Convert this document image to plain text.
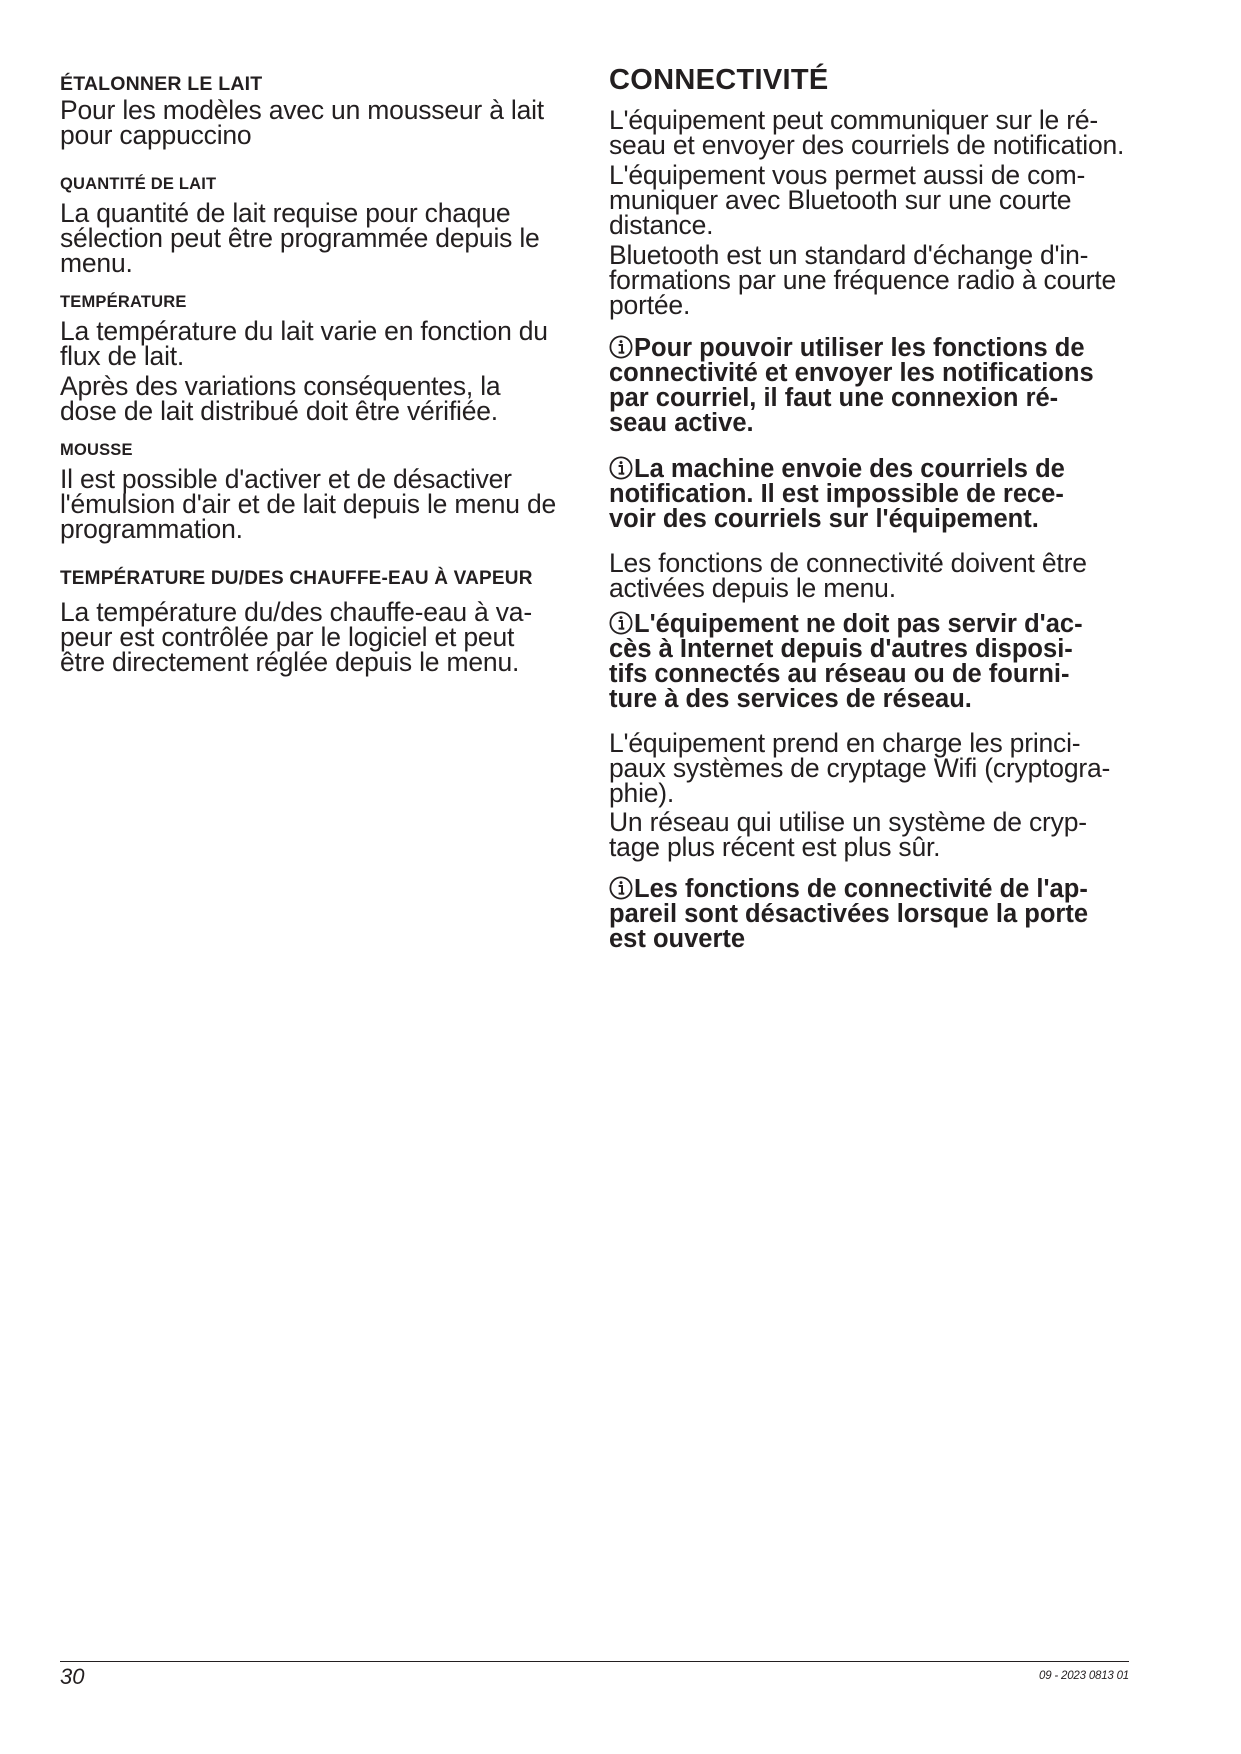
ÉTALONNER LE LAIT

Pour les modèles avec un mousseur à lait
pour cappuccino

QUANTITÉ DE LAIT

La quantité de lait requise pour chaque
sélection peut être programmée depuis le
menu.

TEMPÉRATURE

La température du lait varie en fonction du
flux de lait.

Après des variations conséquentes, la
dose de lait distribué doit être vérifiée.

MOUSSE

Il est possible d'activer et de désactiver
l'émulsion d'air et de lait depuis le menu de
programmation.

TEMPÉRATURE DU/DES CHAUFFE-EAU À VAPEUR

La température du/des chauffe-eau à va-
peur est contrôlée par le logiciel et peut
être directement réglée depuis le menu.

CONNECTIVITÉ

L'équipement peut communiquer sur le ré-
seau et envoyer des courriels de notification.

L'équipement vous permet aussi de com-
muniquer avec Bluetooth sur une courte
distance.

Bluetooth est un standard d'échange d'in-
formations par une fréquence radio à courte
portée.

Pour pouvoir utiliser les fonctions de
connectivité et envoyer les notifications
par courriel, il faut une connexion ré-
seau active.

La machine envoie des courriels de
notification. Il est impossible de rece-
voir des courriels sur l'équipement.

Les fonctions de connectivité doivent être
activées depuis le menu.

L'équipement ne doit pas servir d'ac-
cès à Internet depuis d'autres disposi-
tifs connectés au réseau ou de fourni-
ture à des services de réseau.

L'équipement prend en charge les princi-
paux systèmes de cryptage Wifi (cryptogra-
phie).

Un réseau qui utilise un système de cryp-
tage plus récent est plus sûr.

Les fonctions de connectivité de l'ap-
pareil sont désactivées lorsque la porte
est ouverte

30	09 - 2023 0813 01
